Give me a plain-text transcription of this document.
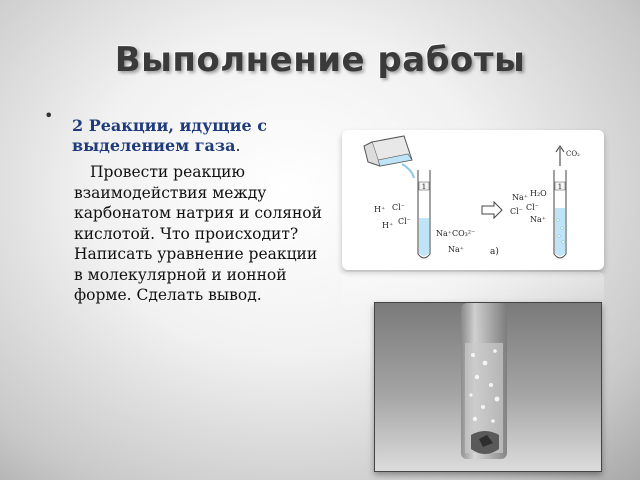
Выполнение работы
•
2 Реакции, идущие с выделением газа.
Провести реакцию взаимодействия между карбонатом натрия и соляной кислотой. Что происходит? Написать уравнение реакции в молекулярной и ионной форме. Сделать вывод.
1
H⁺ Cl⁻
H⁺ Cl⁻
Na⁺ CO₃²⁻
Na⁺
Na⁺ H₂O
Cl⁻ Cl⁻
Na⁺
1
CO₂
а)
